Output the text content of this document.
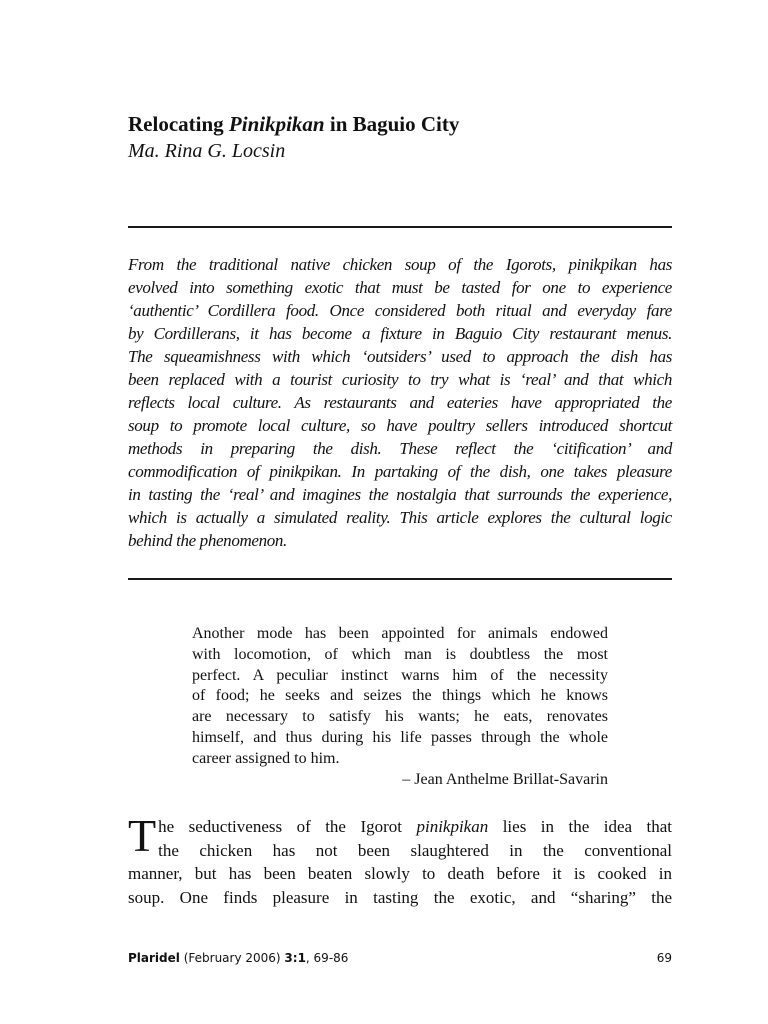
Relocating Pinikpikan in Baguio City
Ma. Rina G. Locsin
From the traditional native chicken soup of the Igorots, pinikpikan has
evolved into something exotic that must be tasted for one to experience
‘authentic’ Cordillera food. Once considered both ritual and everyday fare
by Cordillerans, it has become a fixture in Baguio City restaurant menus.
The squeamishness with which ‘outsiders’ used to approach the dish has
been replaced with a tourist curiosity to try what is ‘real’ and that which
reflects local culture. As restaurants and eateries have appropriated the
soup to promote local culture, so have poultry sellers introduced shortcut
methods in preparing the dish. These reflect the ‘citification’ and
commodification of pinikpikan. In partaking of the dish, one takes pleasure
in tasting the ‘real’ and imagines the nostalgia that surrounds the experience,
which is actually a simulated reality. This article explores the cultural logic
behind the phenomenon.
Another mode has been appointed for animals endowed
with locomotion, of which man is doubtless the most
perfect. A peculiar instinct warns him of the necessity
of food; he seeks and seizes the things which he knows
are necessary to satisfy his wants; he eats, renovates
himself, and thus during his life passes through the whole
career assigned to him.
– Jean Anthelme Brillat-Savarin
T he seductiveness of the Igorot pinikpikan lies in the idea that
the chicken has not been slaughtered in the conventional
manner, but has been beaten slowly to death before it is cooked in
soup. One finds pleasure in tasting the exotic, and “sharing” the
Plaridel (February 2006) 3:1, 69-86	69
